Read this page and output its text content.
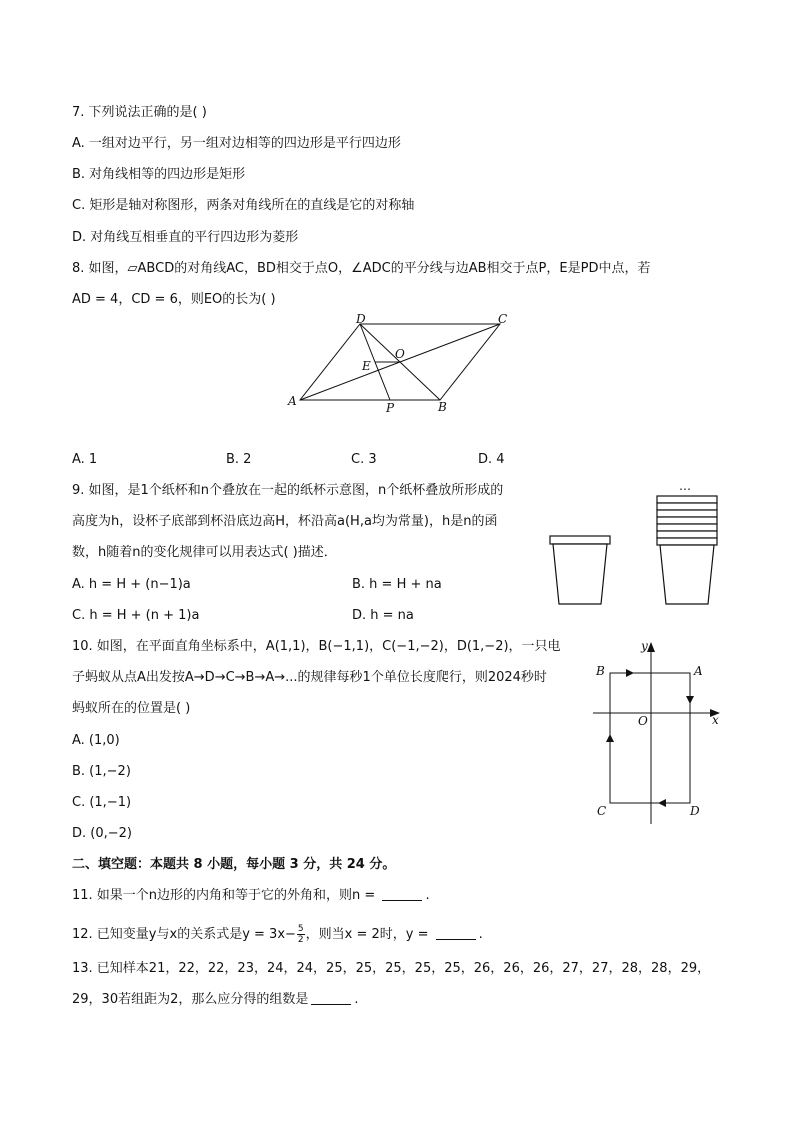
7. 下列说法正确的是( )
A. 一组对边平行，另一组对边相等的四边形是平行四边形
B. 对角线相等的四边形是矩形
C. 矩形是轴对称图形，两条对角线所在的直线是它的对称轴
D. 对角线互相垂直的平行四边形为菱形
8. 如图，▱ABCD的对角线AC，BD相交于点O，∠ADC的平分线与边AB相交于点P，E是PD中点，若
AD = 4，CD = 6，则EO的长为( )
D	C
O
E
A	P	B
A. 1	B. 2	C. 3	D. 4
9. 如图，是1个纸杯和n个叠放在一起的纸杯示意图，n个纸杯叠放所形成的
高度为h，设杯子底部到杯沿底边高H，杯沿高a(H,a均为常量)，h是n的函
数，h随着n的变化规律可以用表达式( )描述．
A. h = H + (n−1)a	B. h = H + na
C. h = H + (n + 1)a	D. h = na
…
10. 如图，在平面直角坐标系中，A(1,1)，B(−1,1)，C(−1,−2)，D(1,−2)，一只电
子蚂蚁从点A出发按A→D→C→B→A→...的规律每秒1个单位长度爬行，则2024秒时
蚂蚁所在的位置是( )
A. (1,0)
B. (1,−2)
C. (1,−1)
D. (0,−2)
y
B	A
O	x
C	D
二、填空题：本题共 8 小题，每小题 3 分，共 24 分。
11. 如果一个n边形的内角和等于它的外角和，则n =	.
12. 已知变量y与x的关系式是$y = 3x- \frac{5}{2}$ ，则当x = 2时，y =	.
13. 已知样本21，22，22，23，24，24，25，25，25，25，25，26，26，26，27，27，28，28，29，
29，30若组距为2，那么应分得的组数是	.
